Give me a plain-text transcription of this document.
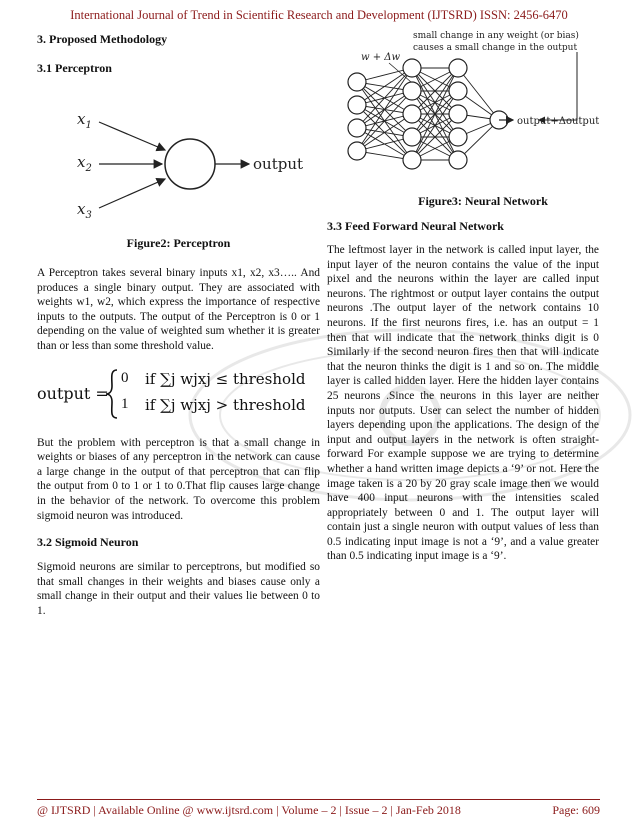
International Journal of Trend in Scientific Research and Development (IJTSRD) ISSN: 2456-6470
3. Proposed Methodology
3.1 Perceptron
$x_1$
$x_2$
$x_3$
output
Figure2: Perceptron

A Perceptron takes several binary inputs x1, x2, x3….. And produces a single binary output. They are associated with weights w1, w2, which express the importance of respective inputs to the outputs. The output of the Perceptron is 0 or 1 depending on the value of weighted sum whether it is greater than or less than some threshold value.

output =
0 if ∑j wjxj ≤ threshold
1 if ∑j wjxj > threshold

But the problem with perceptron is that a small change in weights or biases of any perceptron in the network can cause a large change in the output of that perceptron that can flip the output from 0 to 1 or 1 to 0.That flip causes large change in the behavior of the network. To overcome this problem sigmoid neuron was introduced.

3.2 Sigmoid Neuron

Sigmoid neurons are similar to perceptrons, but modified so that small changes in their weights and biases cause only a small change in their output and their values lie between 0 to 1.

w + Δw
small change in any weight (or bias)
causes a small change in the output
output+Δoutput
Figure3: Neural Network
3.3 Feed Forward Neural Network

The leftmost layer in the network is called input layer, the input layer of the neuron contains the value of the input pixel and the neurons within the layer are called input neurons. The rightmost or output layer contains the output neurons .The output layer of the network contains 10 neurons. If the first neurons fires, i.e. has an output = 1 then that will indicate that the network thinks digit is 0 Similarly if the second neuron fires then that will indicate that the neuron thinks the digit is 1 and so on. The middle layer is called hidden layer. Here the hidden layer contains 25 neurons .Since the neurons in this layer are neither inputs nor outputs. User can select the number of hidden layers depending upon the applications. The design of the input and output layers in the network is often straight-forward For example suppose we are trying to determine whether a hand written image depicts a ‘9’ or not. Here the image taken is a 20 by 20 gray scale image then we would have 400 input neurons with the intensities scaled appropriately between 0 and 1. The output layer will contain just a single neuron with output values of less than 0.5 indicating input image is not a ‘9’, and a value greater than 0.5 indicating input image is a ‘9’.

@ IJTSRD | Available Online @ www.ijtsrd.com | Volume – 2 | Issue – 2 | Jan-Feb 2018	Page: 609
